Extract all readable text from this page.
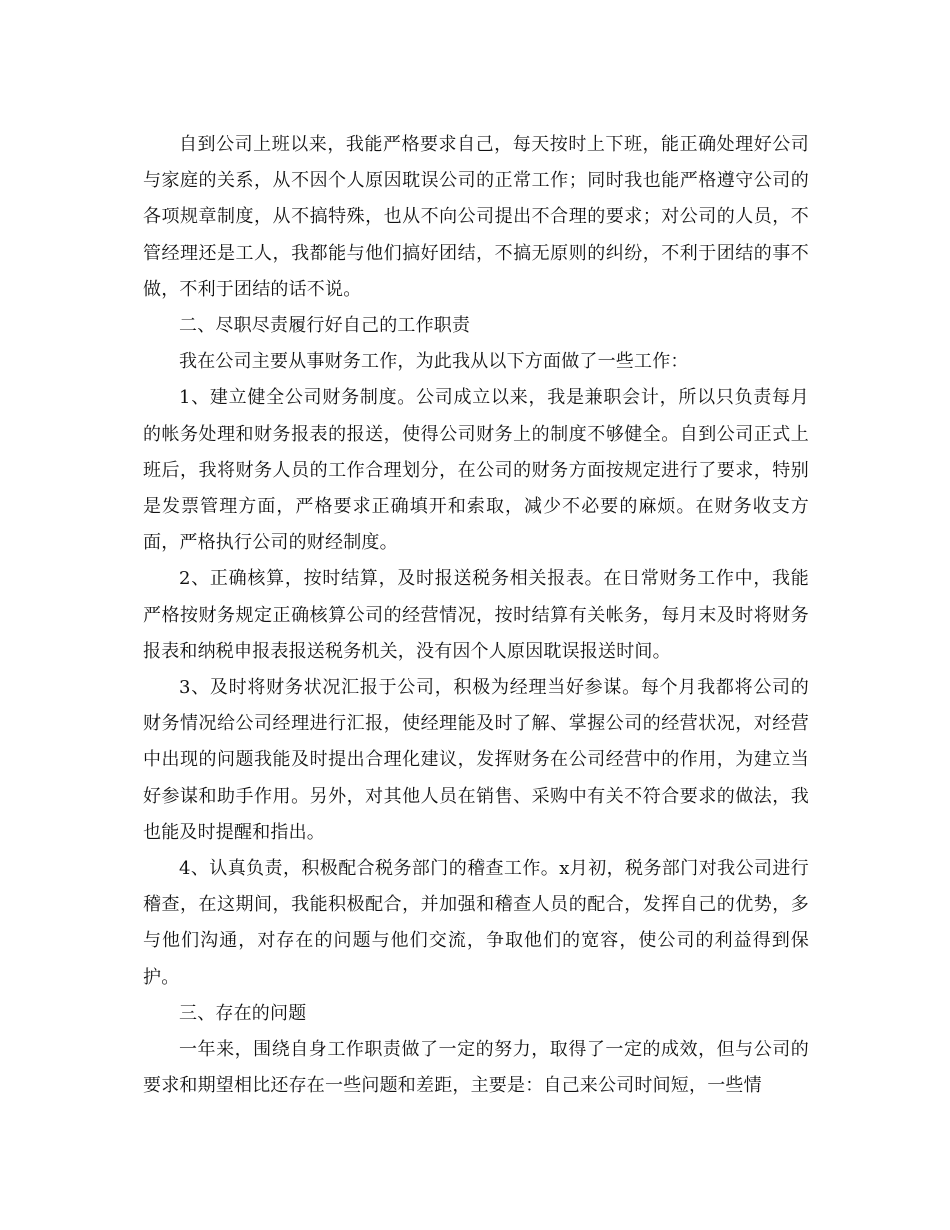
自到公司上班以来，我能严格要求自己，每天按时上下班，能正确处理好公司与家庭的关系，从不因个人原因耽误公司的正常工作；同时我也能严格遵守公司的各项规章制度，从不搞特殊，也从不向公司提出不合理的要求；对公司的人员，不管经理还是工人，我都能与他们搞好团结，不搞无原则的纠纷，不利于团结的事不做，不利于团结的话不说。

二、尽职尽责履行好自己的工作职责

我在公司主要从事财务工作，为此我从以下方面做了一些工作：

1、建立健全公司财务制度。公司成立以来，我是兼职会计，所以只负责每月的帐务处理和财务报表的报送，使得公司财务上的制度不够健全。自到公司正式上班后，我将财务人员的工作合理划分，在公司的财务方面按规定进行了要求，特别是发票管理方面，严格要求正确填开和索取，减少不必要的麻烦。在财务收支方面，严格执行公司的财经制度。

2、正确核算，按时结算，及时报送税务相关报表。在日常财务工作中，我能严格按财务规定正确核算公司的经营情况，按时结算有关帐务，每月末及时将财务报表和纳税申报表报送税务机关，没有因个人原因耽误报送时间。

3、及时将财务状况汇报于公司，积极为经理当好参谋。每个月我都将公司的财务情况给公司经理进行汇报，使经理能及时了解、掌握公司的经营状况，对经营中出现的问题我能及时提出合理化建议，发挥财务在公司经营中的作用，为建立当好参谋和助手作用。另外，对其他人员在销售、采购中有关不符合要求的做法，我也能及时提醒和指出。

4、认真负责，积极配合税务部门的稽查工作。x月初，税务部门对我公司进行稽查，在这期间，我能积极配合，并加强和稽查人员的配合，发挥自己的优势，多与他们沟通，对存在的问题与他们交流，争取他们的宽容，使公司的利益得到保护。

三、存在的问题

一年来，围绕自身工作职责做了一定的努力，取得了一定的成效，但与公司的要求和期望相比还存在一些问题和差距，主要是：自己来公司时间短，一些情
